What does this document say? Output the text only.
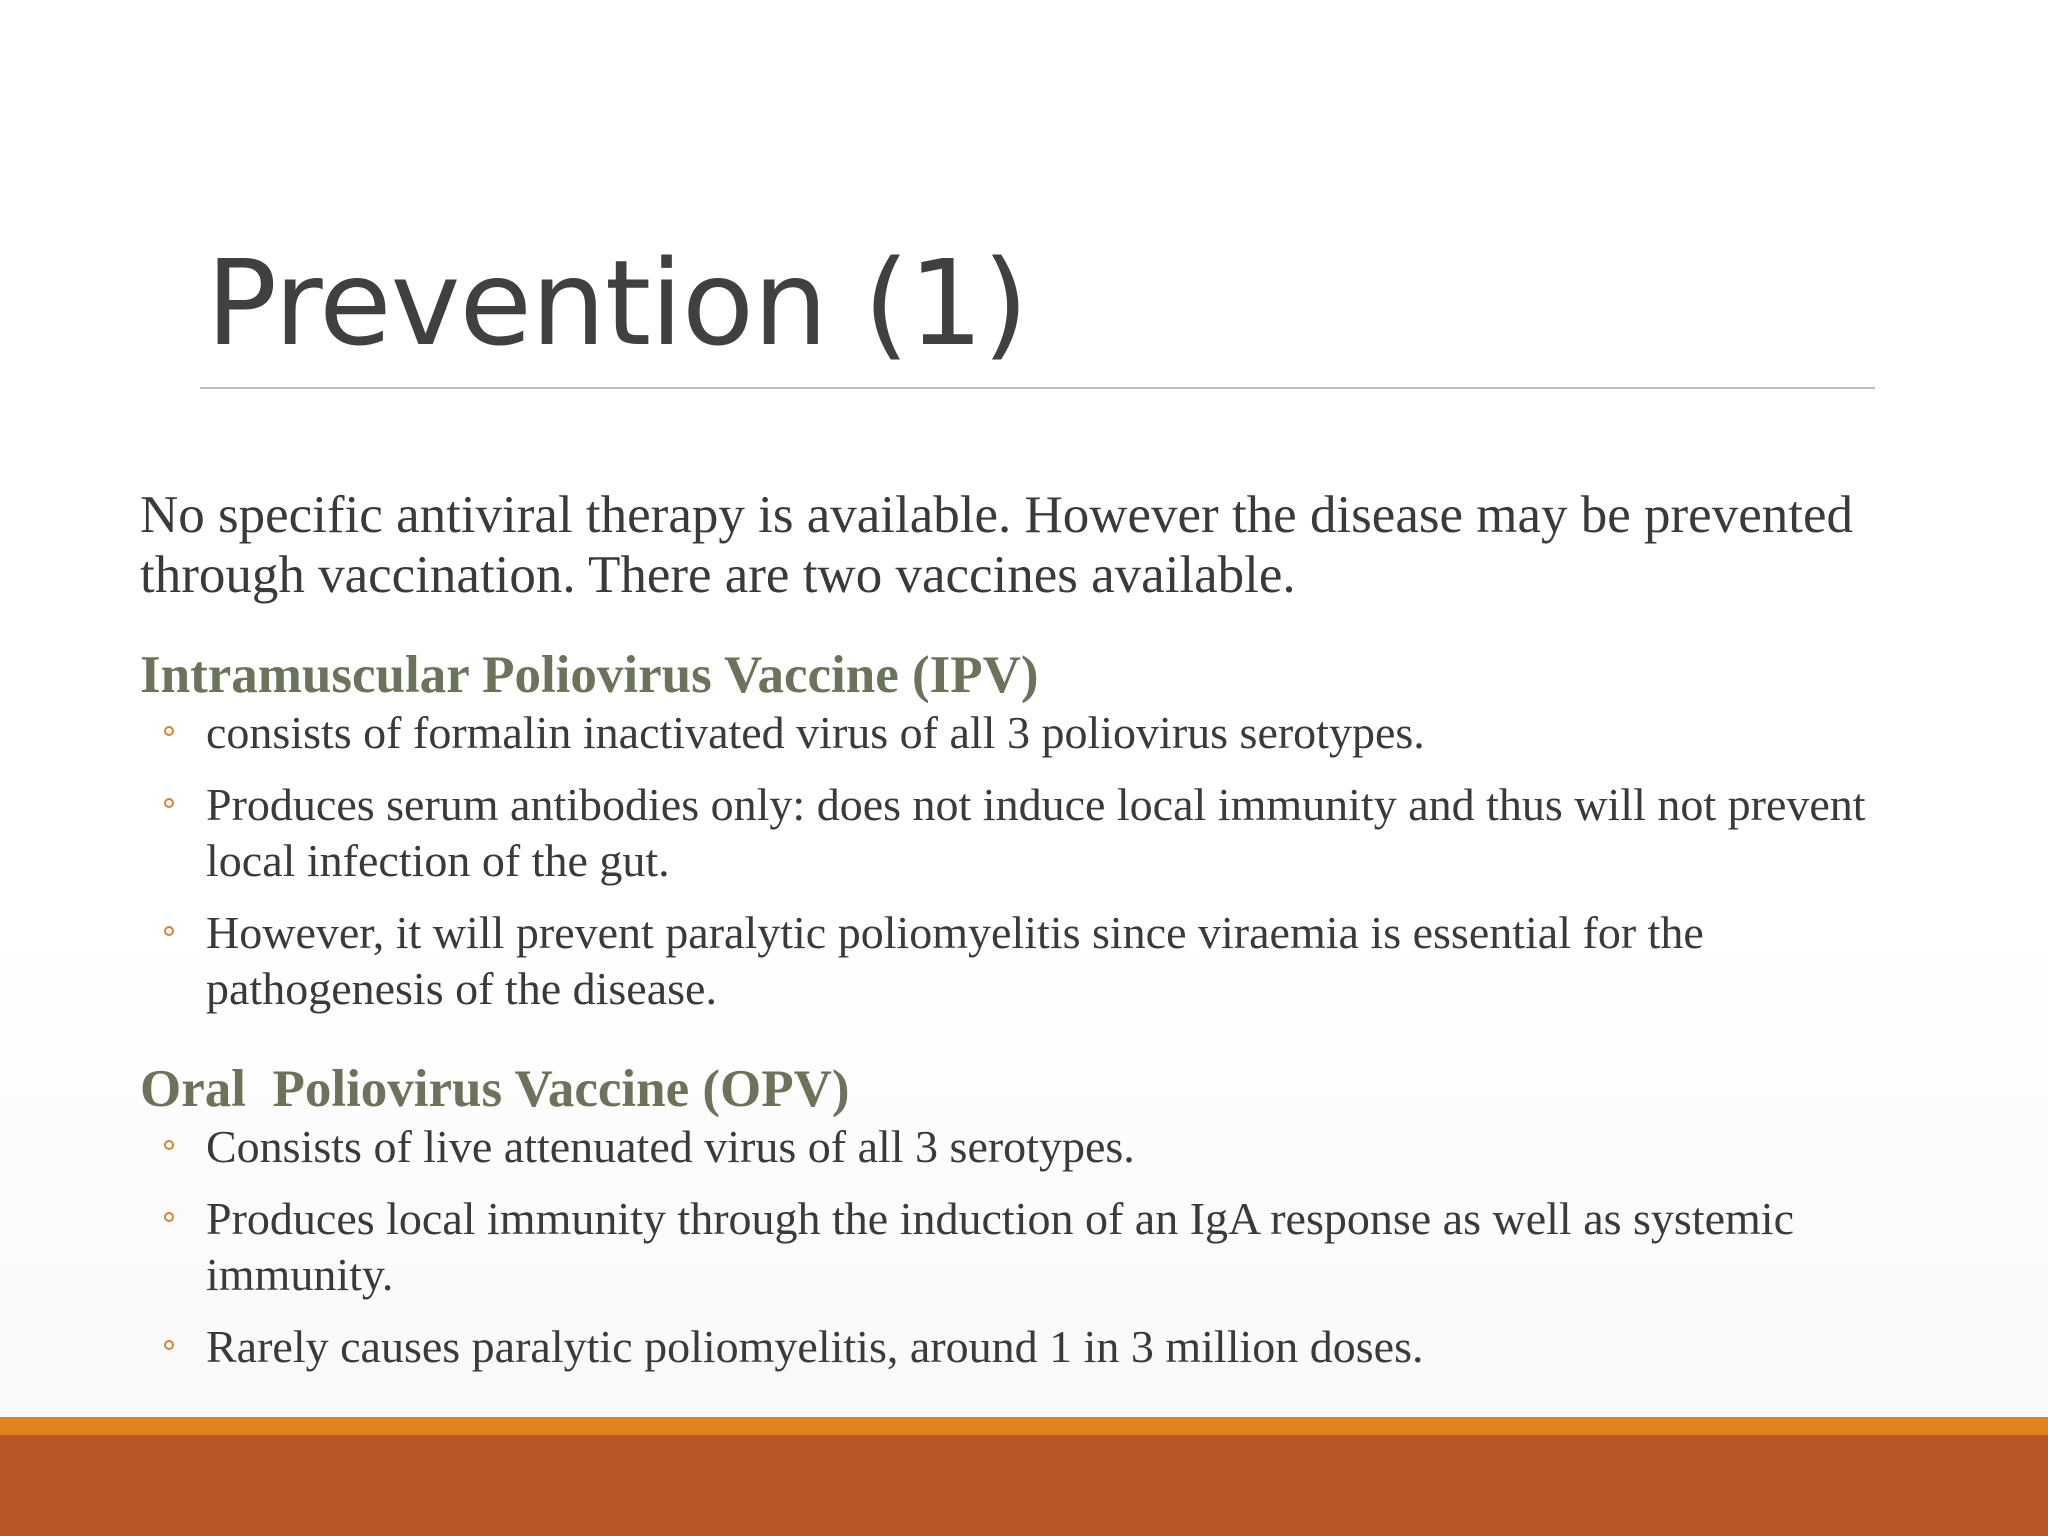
Prevention (1)

No specific antiviral therapy is available. However the disease may be prevented through vaccination. There are two vaccines available.

Intramuscular Poliovirus Vaccine (IPV)
consists of formalin inactivated virus of all 3 poliovirus serotypes.
Produces serum antibodies only: does not induce local immunity and thus will not prevent local infection of the gut.
However, it will prevent paralytic poliomyelitis since viraemia is essential for the pathogenesis of the disease.
Oral  Poliovirus Vaccine (OPV)
Consists of live attenuated virus of all 3 serotypes.
Produces local immunity through the induction of an IgA response as well as systemic immunity.
Rarely causes paralytic poliomyelitis, around 1 in 3 million doses.
